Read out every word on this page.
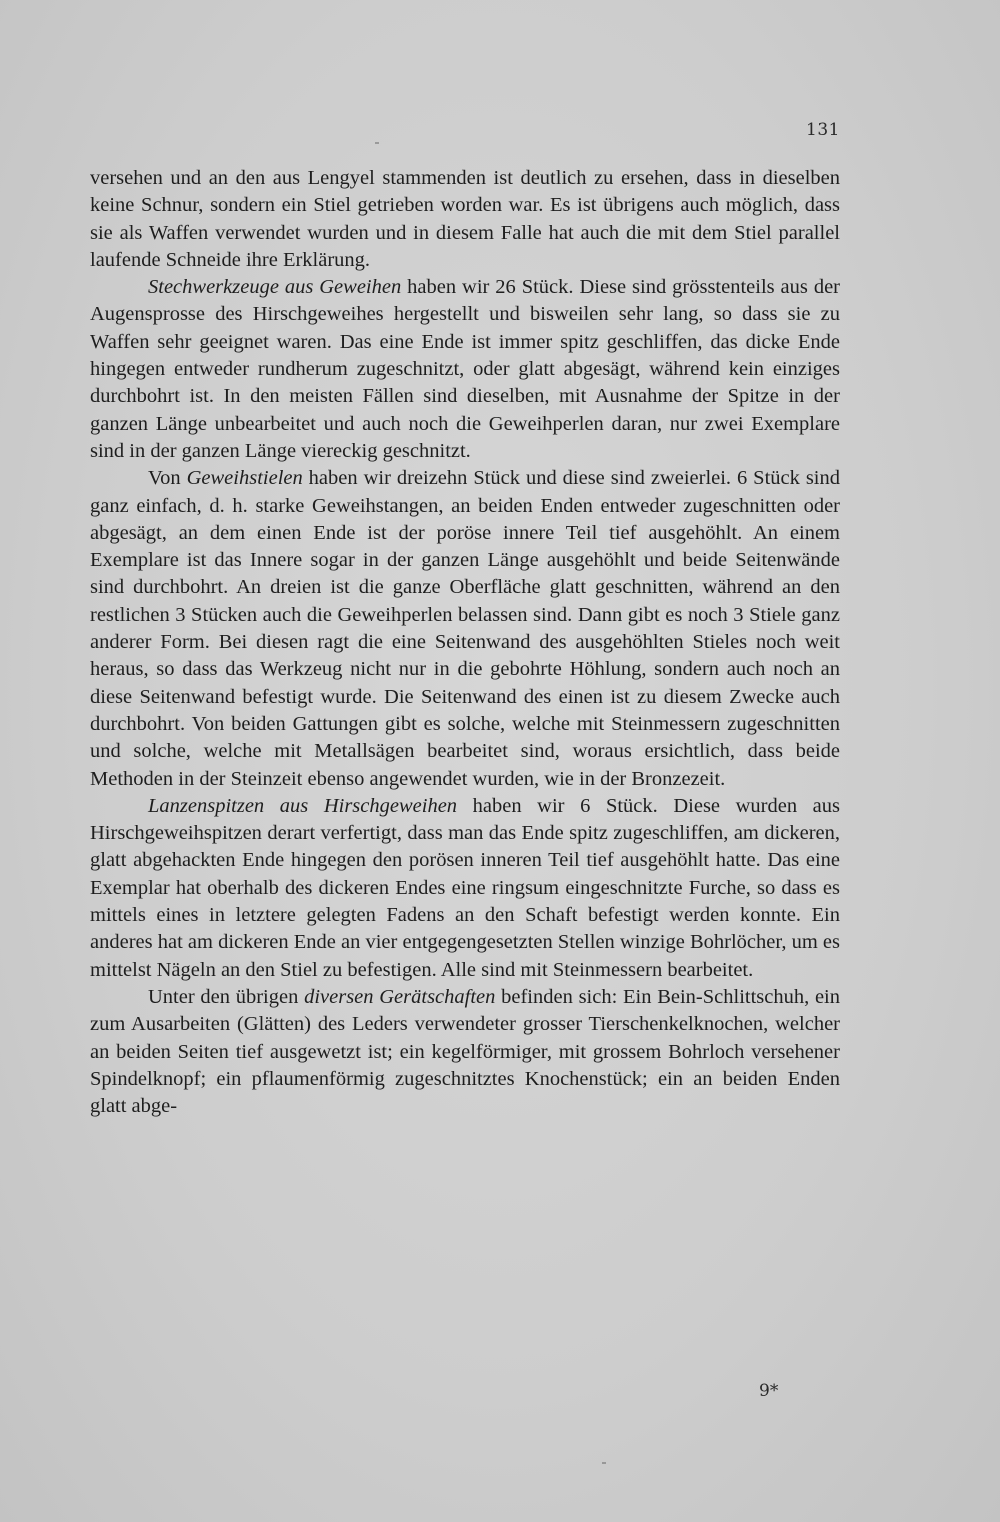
131

versehen und an den aus Lengyel stammenden ist deutlich zu ersehen, dass in dieselben keine Schnur, sondern ein Stiel getrieben worden war. Es ist übrigens auch möglich, dass sie als Waffen verwendet wurden und in diesem Falle hat auch die mit dem Stiel parallel laufende Schneide ihre Erklärung.

Stechwerkzeuge aus Geweihen haben wir 26 Stück. Diese sind grösstenteils aus der Augensprosse des Hirschgeweihes hergestellt und bisweilen sehr lang, so dass sie zu Waffen sehr geeignet waren. Das eine Ende ist immer spitz geschliffen, das dicke Ende hingegen entweder rundherum zugeschnitzt, oder glatt abgesägt, während kein einziges durchbohrt ist. In den meisten Fällen sind dieselben, mit Ausnahme der Spitze in der ganzen Länge unbearbeitet und auch noch die Geweihperlen daran, nur zwei Exemplare sind in der ganzen Länge viereckig geschnitzt.

Von Geweihstielen haben wir dreizehn Stück und diese sind zweierlei. 6 Stück sind ganz einfach, d. h. starke Geweihstangen, an beiden Enden entweder zugeschnitten oder abgesägt, an dem einen Ende ist der poröse innere Teil tief ausgehöhlt. An einem Exemplare ist das Innere sogar in der ganzen Länge ausgehöhlt und beide Seitenwände sind durchbohrt. An dreien ist die ganze Oberfläche glatt geschnitten, während an den restlichen 3 Stücken auch die Geweihperlen belassen sind. Dann gibt es noch 3 Stiele ganz anderer Form. Bei diesen ragt die eine Seitenwand des ausgehöhlten Stieles noch weit heraus, so dass das Werkzeug nicht nur in die gebohrte Höhlung, sondern auch noch an diese Seitenwand befestigt wurde. Die Seitenwand des einen ist zu diesem Zwecke auch durchbohrt. Von beiden Gattungen gibt es solche, welche mit Steinmessern zugeschnitten und solche, welche mit Metallsägen bearbeitet sind, woraus ersichtlich, dass beide Methoden in der Steinzeit ebenso angewendet wurden, wie in der Bronzezeit.

Lanzenspitzen aus Hirschgeweihen haben wir 6 Stück. Diese wurden aus Hirschgeweihspitzen derart verfertigt, dass man das Ende spitz zugeschliffen, am dickeren, glatt abgehackten Ende hingegen den porösen inneren Teil tief ausgehöhlt hatte. Das eine Exemplar hat oberhalb des dickeren Endes eine ringsum eingeschnitzte Furche, so dass es mittels eines in letztere gelegten Fadens an den Schaft befestigt werden konnte. Ein anderes hat am dickeren Ende an vier entgegengesetzten Stellen winzige Bohrlöcher, um es mittelst Nägeln an den Stiel zu befestigen. Alle sind mit Steinmessern bearbeitet.

Unter den übrigen diversen Gerätschaften befinden sich: Ein Bein-Schlittschuh, ein zum Ausarbeiten (Glätten) des Leders verwendeter grosser Tierschenkelknochen, welcher an beiden Seiten tief ausgewetzt ist; ein kegelförmiger, mit grossem Bohrloch versehener Spindelknopf; ein pflaumenförmig zugeschnitztes Knochenstück; ein an beiden Enden glatt abge-

9*
